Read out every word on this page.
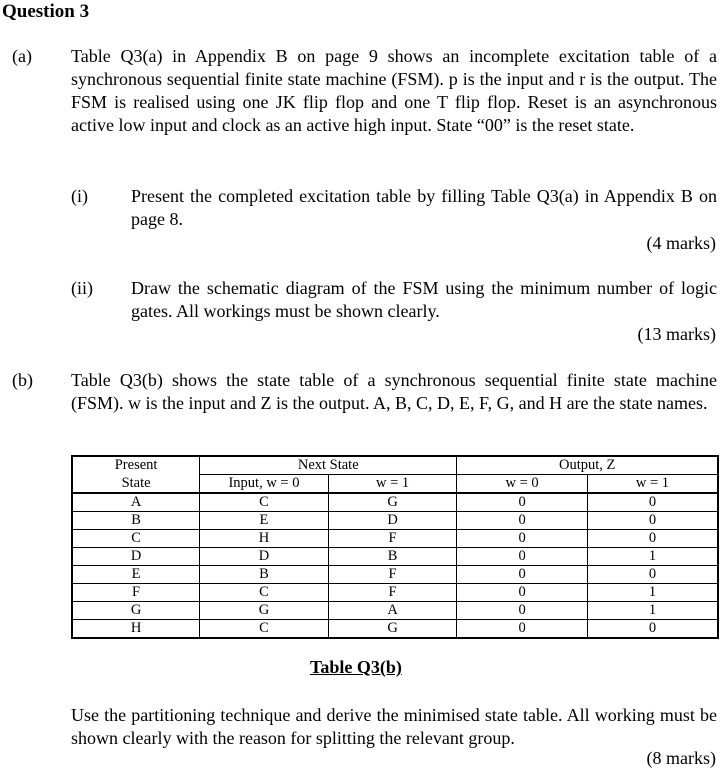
Question 3
(a) Table Q3(a) in Appendix B on page 9 shows an incomplete excitation table of a synchronous sequential finite state machine (FSM). p is the input and r is the output. The FSM is realised using one JK flip flop and one T flip flop. Reset is an asynchronous active low input and clock as an active high input. State “00” is the reset state.
(i) Present the completed excitation table by filling Table Q3(a) in Appendix B on page 8.
(4 marks)
(ii) Draw the schematic diagram of the FSM using the minimum number of logic gates. All workings must be shown clearly.
(13 marks)
(b) Table Q3(b) shows the state table of a synchronous sequential finite state machine (FSM). w is the input and Z is the output. A, B, C, D, E, F, G, and H are the state names.
Present	Next State		Output, Z	
State	Input, w = 0	w = 1	w = 0	w = 1
A	C	G	0	0
B	E	D	0	0
C	H	F	0	0
D	D	B	0	1
E	B	F	0	0
F	C	F	0	1
G	G	A	0	1
H	C	G	0	0
Table Q3(b)
Use the partitioning technique and derive the minimised state table. All working must be shown clearly with the reason for splitting the relevant group.
(8 marks)
